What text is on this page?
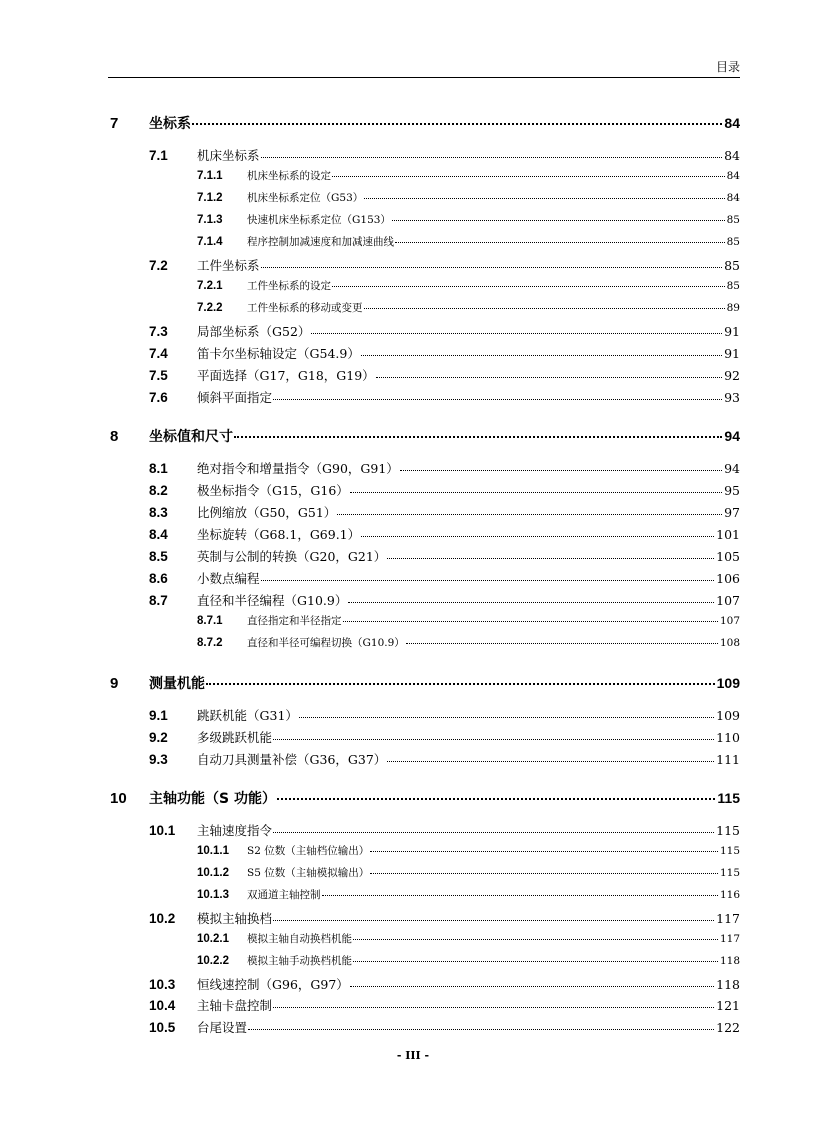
目录
7	坐标系	84
7.1	机床坐标系	84
7.1.1	机床坐标系的设定	84
7.1.2	机床坐标系定位（G53）	84
7.1.3	快速机床坐标系定位（G153）	85
7.1.4	程序控制加减速度和加减速曲线	85
7.2	工件坐标系	85
7.2.1	工件坐标系的设定	85
7.2.2	工件坐标系的移动或变更	89
7.3	局部坐标系（G52）	91
7.4	笛卡尔坐标轴设定（G54.9）	91
7.5	平面选择（G17，G18，G19）	92
7.6	倾斜平面指定	93
8	坐标值和尺寸	94
8.1	绝对指令和增量指令（G90，G91）	94
8.2	极坐标指令（G15，G16）	95
8.3	比例缩放（G50，G51）	97
8.4	坐标旋转（G68.1，G69.1）	101
8.5	英制与公制的转换（G20，G21）	105
8.6	小数点编程	106
8.7	直径和半径编程（G10.9）	107
8.7.1	直径指定和半径指定	107
8.7.2	直径和半径可编程切换（G10.9）	108
9	测量机能	109
9.1	跳跃机能（G31）	109
9.2	多级跳跃机能	110
9.3	自动刀具测量补偿（G36，G37）	111
10	主轴功能（S 功能）	115
10.1	主轴速度指令	115
10.1.1	S2 位数（主轴档位输出）	115
10.1.2	S5 位数（主轴模拟输出）	115
10.1.3	双通道主轴控制	116
10.2	模拟主轴换档	117
10.2.1	模拟主轴自动换档机能	117
10.2.2	模拟主轴手动换档机能	118
10.3	恒线速控制（G96，G97）	118
10.4	主轴卡盘控制	121
10.5	台尾设置	122
- III -
